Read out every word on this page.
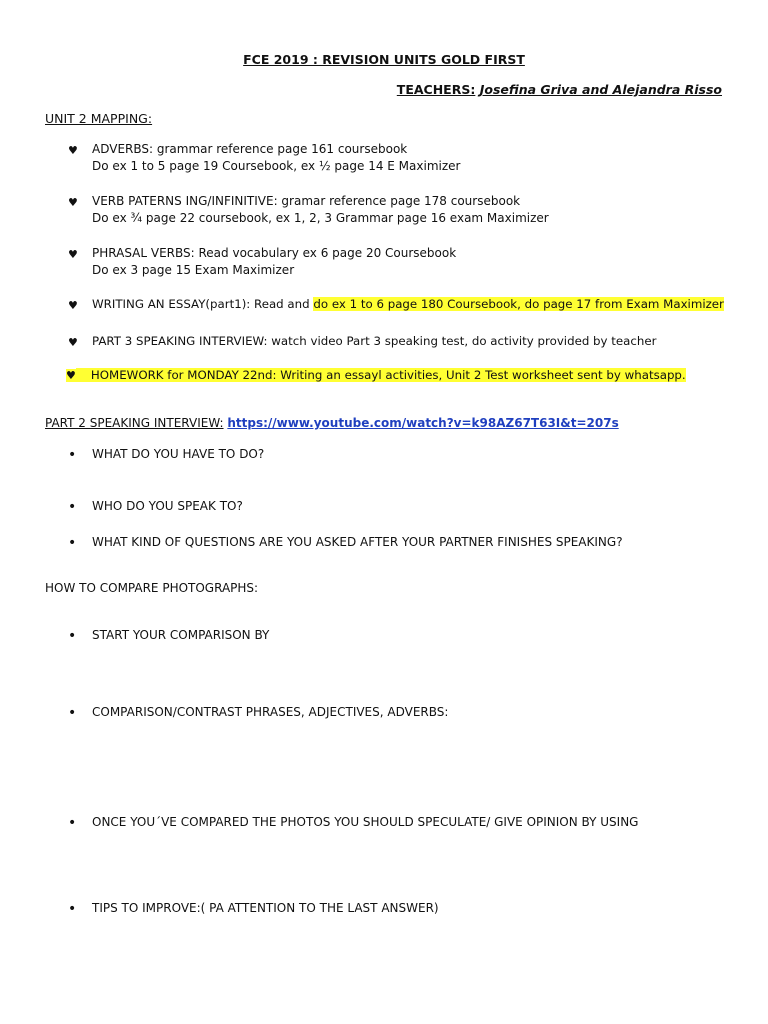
FCE 2019 : REVISION UNITS GOLD FIRST
TEACHERS: Josefina Griva and Alejandra Risso
UNIT 2 MAPPING:
♥ ADVERBS: grammar reference page 161 coursebook
Do ex 1 to 5 page 19 Coursebook, ex ½ page 14 E Maximizer
♥ VERB PATERNS ING/INFINITIVE: gramar reference page 178 coursebook
Do ex ¾ page 22 coursebook, ex 1, 2, 3 Grammar page 16 exam Maximizer
♥ PHRASAL VERBS: Read vocabulary ex 6 page 20 Coursebook
Do ex 3 page 15 Exam Maximizer
♥ WRITING AN ESSAY(part1): Read and do ex 1 to 6 page 180 Coursebook, do page 17 from Exam Maximizer
♥ PART 3 SPEAKING INTERVIEW: watch video Part 3 speaking test, do activity provided by teacher
♥ HOMEWORK for MONDAY 22nd: Writing an essayl activities, Unit 2 Test worksheet sent by whatsapp.
PART 2 SPEAKING INTERVIEW: https://www.youtube.com/watch?v=k98AZ67T63I&t=207s
• WHAT DO YOU HAVE TO DO?
• WHO DO YOU SPEAK TO?
• WHAT KIND OF QUESTIONS ARE YOU ASKED AFTER YOUR PARTNER FINISHES SPEAKING?
HOW TO COMPARE PHOTOGRAPHS:
• START YOUR COMPARISON BY
• COMPARISON/CONTRAST PHRASES, ADJECTIVES, ADVERBS:
• ONCE YOU´VE COMPARED THE PHOTOS YOU SHOULD SPECULATE/ GIVE OPINION BY USING
• TIPS TO IMPROVE:( PA ATTENTION TO THE LAST ANSWER)
